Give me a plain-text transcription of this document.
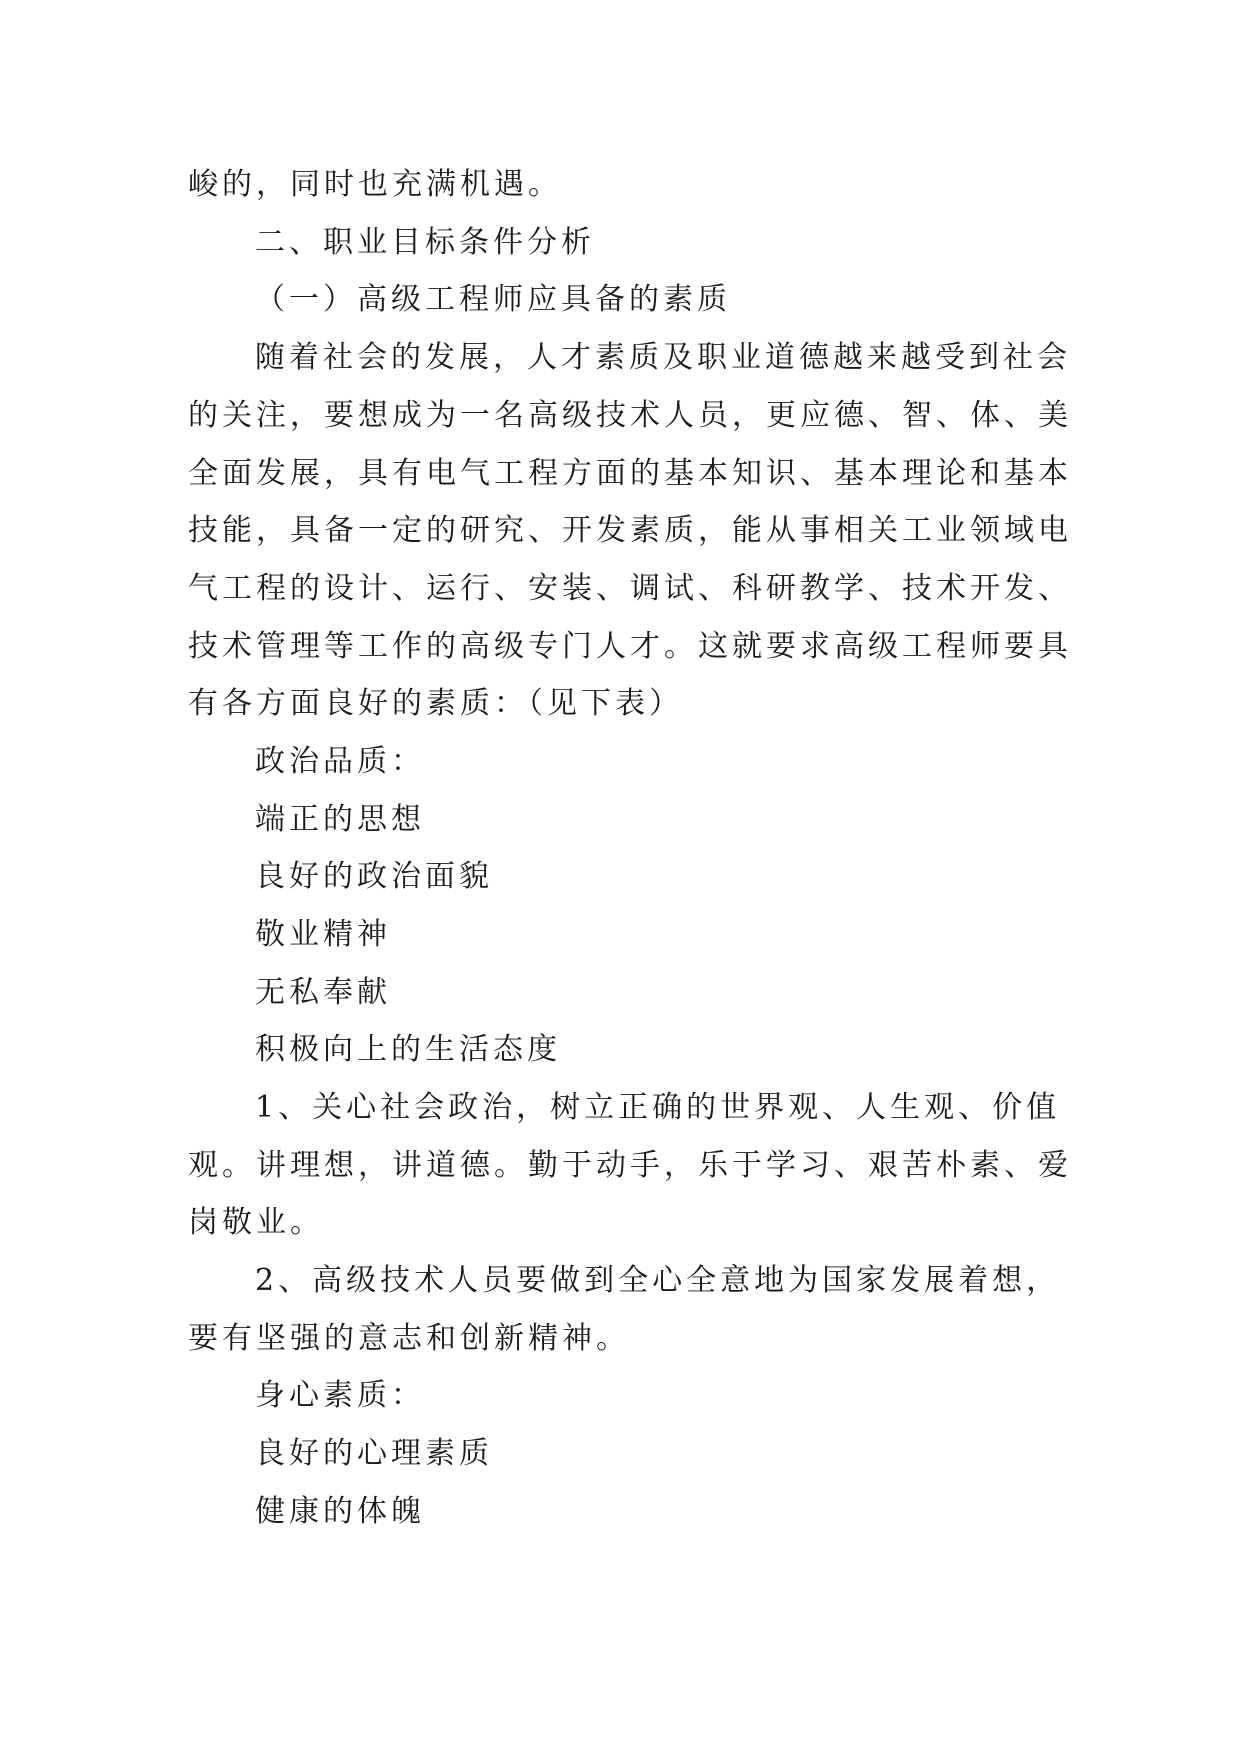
峻的，同时也充满机遇。
二、职业目标条件分析
（一）高级工程师应具备的素质
随着社会的发展，人才素质及职业道德越来越受到社会
的关注，要想成为一名高级技术人员，更应德、智、体、美
全面发展，具有电气工程方面的基本知识、基本理论和基本
技能，具备一定的研究、开发素质，能从事相关工业领域电
气工程的设计、运行、安装、调试、科研教学、技术开发、
技术管理等工作的高级专门人才。这就要求高级工程师要具
有各方面良好的素质：（见下表）
政治品质：
端正的思想
良好的政治面貌
敬业精神
无私奉献
积极向上的生活态度
1、关心社会政治，树立正确的世界观、人生观、价值
观。讲理想，讲道德。勤于动手，乐于学习、艰苦朴素、爱
岗敬业。
2、高级技术人员要做到全心全意地为国家发展着想，
要有坚强的意志和创新精神。
身心素质：
良好的心理素质
健康的体魄
